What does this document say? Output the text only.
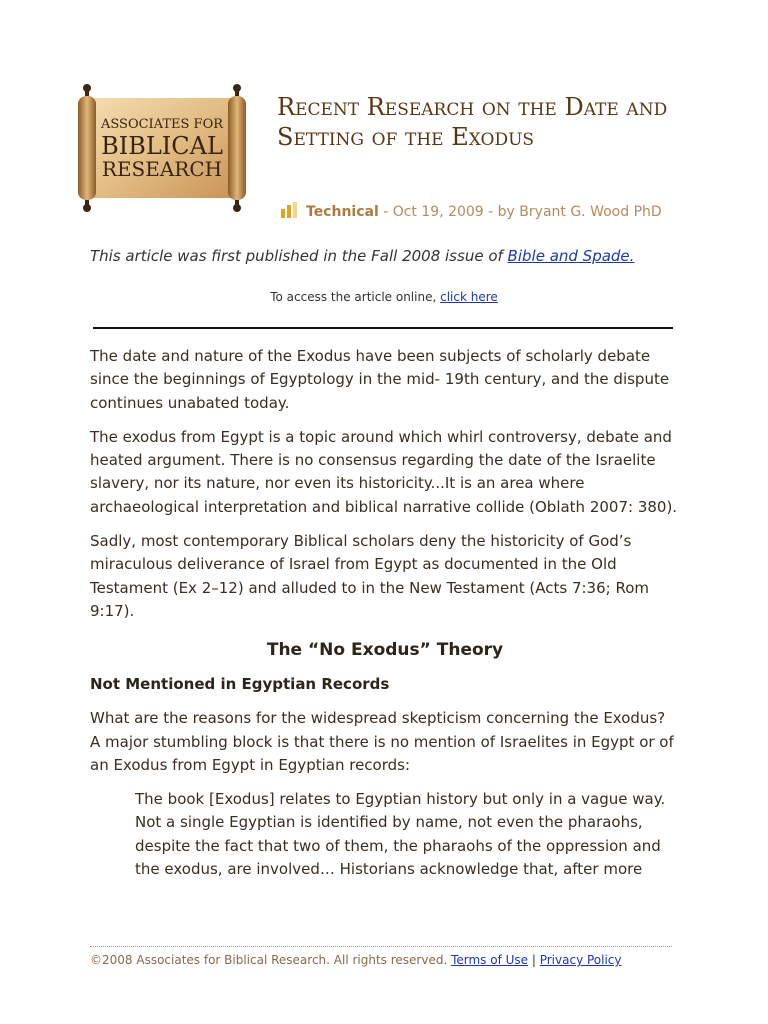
ASSOCIATES FOR
BIBLICAL
RESEARCH
Recent Research on the Date and Setting of the Exodus
Technical - Oct 19, 2009 - by Bryant G. Wood PhD
This article was first published in the Fall 2008 issue of Bible and Spade.
To access the article online, click here

The date and nature of the Exodus have been subjects of scholarly debate since the beginnings of Egyptology in the mid- 19th century, and the dispute continues unabated today.

The exodus from Egypt is a topic around which whirl controversy, debate and heated argument. There is no consensus regarding the date of the Israelite slavery, nor its nature, nor even its historicity...It is an area where archaeological interpretation and biblical narrative collide (Oblath 2007: 380).

Sadly, most contemporary Biblical scholars deny the historicity of God’s miraculous deliverance of Israel from Egypt as documented in the Old Testament (Ex 2–12) and alluded to in the New Testament (Acts 7:36; Rom 9:17).

The “No Exodus” Theory
Not Mentioned in Egyptian Records

What are the reasons for the widespread skepticism concerning the Exodus? A major stumbling block is that there is no mention of Israelites in Egypt or of an Exodus from Egypt in Egyptian records:

The book [Exodus] relates to Egyptian history but only in a vague way. Not a single Egyptian is identified by name, not even the pharaohs, despite the fact that two of them, the pharaohs of the oppression and the exodus, are involved… Historians acknowledge that, after more
©2008 Associates for Biblical Research. All rights reserved. Terms of Use | Privacy Policy
